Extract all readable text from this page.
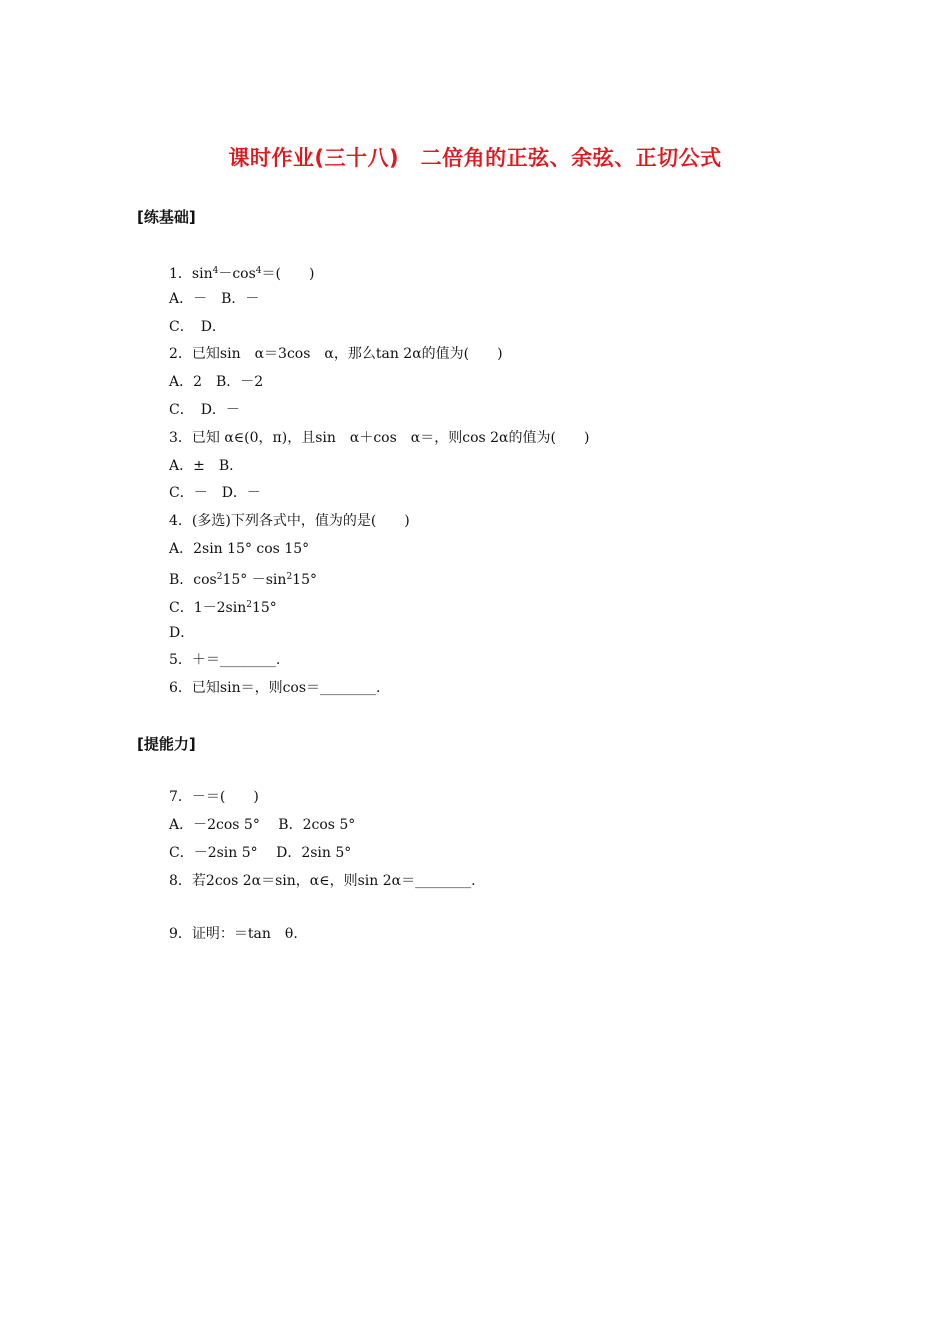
课时作业(三十八)　二倍角的正弦、余弦、正切公式
[练基础]
1．$\sin^4-\cos^4=$(　　)
A．－　B．－
C．　D．
2．已知sin　α＝3cos　α，那么tan 2α的值为(　　)
A．2　B．－2
C．　D．－
3．已知 α∈(0，π)，且sin　α＋cos　α＝，则cos 2α的值为(　　)
A．±　B．
C．－　D．－
4．(多选)下列各式中，值为的是(　　)
A．2sin 15° cos 15°
B．$\cos^215^\circ -\sin^215^\circ$
C．$1-2\sin^215^\circ$
D．
5．＋＝________.
6．已知sin＝，则cos＝________.
[提能力]
7．－＝(　　)
A．－2cos 5°　 B．2cos 5°
C．－2sin 5°　 D．2sin 5°
8．若2cos 2α＝sin，α∈，则sin 2α＝________.
9．证明：＝tan　θ.
